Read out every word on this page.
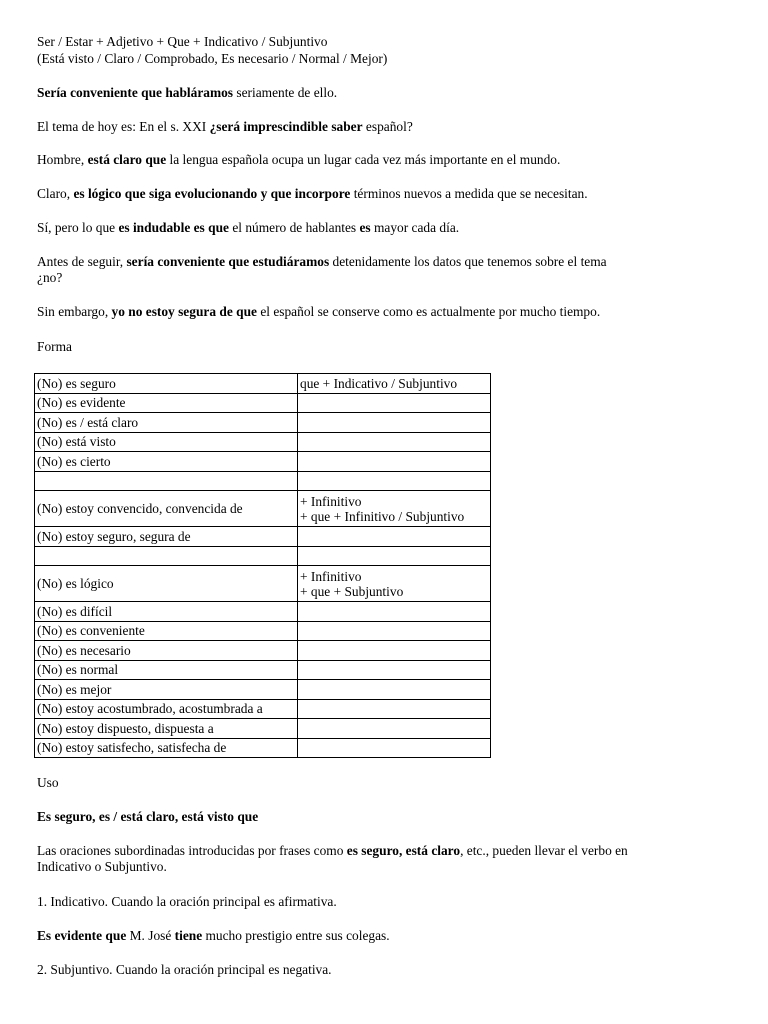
Ser / Estar + Adjetivo + Que + Indicativo / Subjuntivo
(Está visto / Claro / Comprobado, Es necesario / Normal / Mejor)
Sería conveniente que habláramos seriamente de ello.
El tema de hoy es: En el s. XXI ¿será imprescindible saber español?
Hombre, está claro que la lengua española ocupa un lugar cada vez más importante en el mundo.
Claro, es lógico que siga evolucionando y que incorpore términos nuevos a medida que se necesitan.
Sí, pero lo que es indudable es que el número de hablantes es mayor cada día.
Antes de seguir, sería conveniente que estudiáramos detenidamente los datos que tenemos sobre el tema
¿no?
Sin embargo, yo no estoy segura de que el español se conserve como es actualmente por mucho tiempo.
Forma
(No) es seguro	que + Indicativo / Subjuntivo

(No) es evidente	

(No) es / está claro	

(No) está visto	

(No) es cierto	

(No) estoy convencido, convencida de	+ Infinitivo
+ que + Infinitivo / Subjuntivo

(No) estoy seguro, segura de	

(No) es lógico	+ Infinitivo
+ que + Subjuntivo

(No) es difícil	

(No) es conveniente	

(No) es necesario	

(No) es normal	

(No) es mejor	

(No) estoy acostumbrado, acostumbrada a	

(No) estoy dispuesto, dispuesta a	

(No) estoy satisfecho, satisfecha de	
Uso
Es seguro, es / está claro, está visto que
Las oraciones subordinadas introducidas por frases como es seguro, está claro, etc., pueden llevar el verbo en
Indicativo o Subjuntivo.
1. Indicativo. Cuando la oración principal es afirmativa.
Es evidente que M. José tiene mucho prestigio entre sus colegas.
2. Subjuntivo. Cuando la oración principal es negativa.
